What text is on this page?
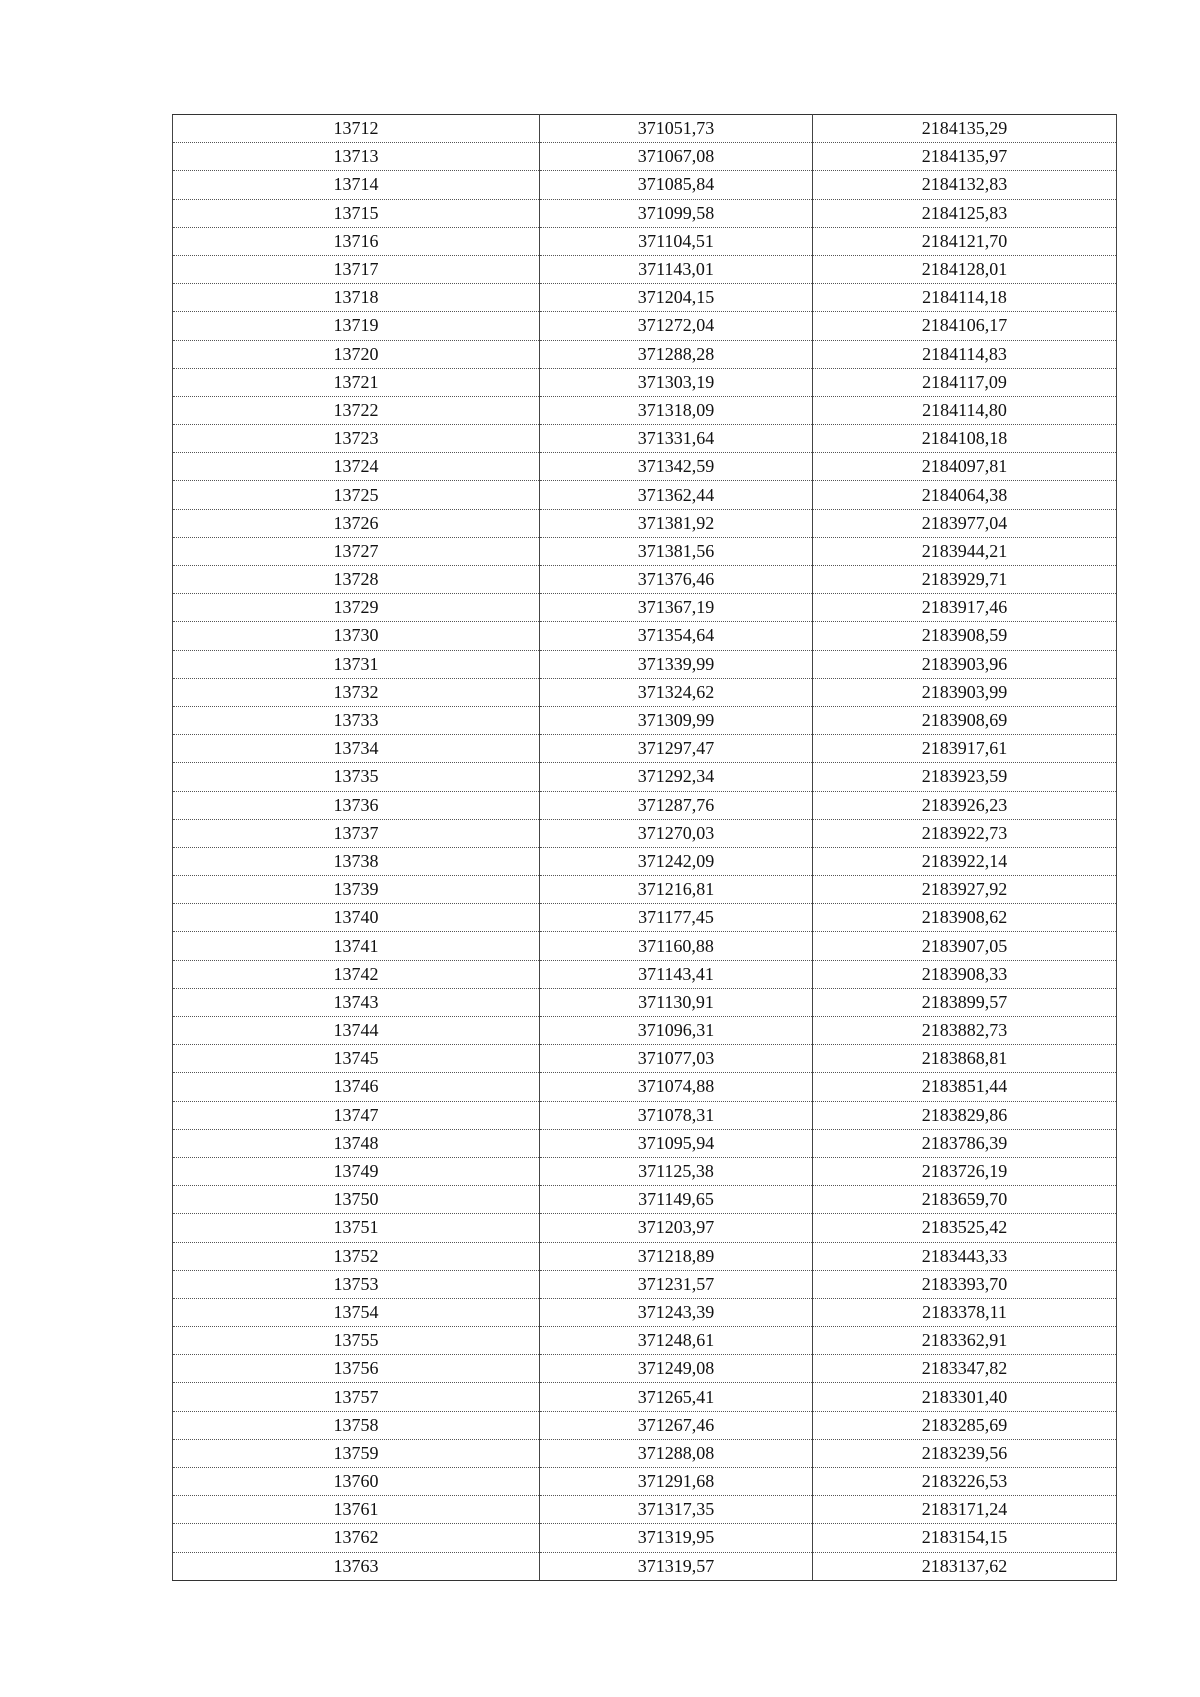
13712	371051,73	2184135,29
13713	371067,08	2184135,97
13714	371085,84	2184132,83
13715	371099,58	2184125,83
13716	371104,51	2184121,70
13717	371143,01	2184128,01
13718	371204,15	2184114,18
13719	371272,04	2184106,17
13720	371288,28	2184114,83
13721	371303,19	2184117,09
13722	371318,09	2184114,80
13723	371331,64	2184108,18
13724	371342,59	2184097,81
13725	371362,44	2184064,38
13726	371381,92	2183977,04
13727	371381,56	2183944,21
13728	371376,46	2183929,71
13729	371367,19	2183917,46
13730	371354,64	2183908,59
13731	371339,99	2183903,96
13732	371324,62	2183903,99
13733	371309,99	2183908,69
13734	371297,47	2183917,61
13735	371292,34	2183923,59
13736	371287,76	2183926,23
13737	371270,03	2183922,73
13738	371242,09	2183922,14
13739	371216,81	2183927,92
13740	371177,45	2183908,62
13741	371160,88	2183907,05
13742	371143,41	2183908,33
13743	371130,91	2183899,57
13744	371096,31	2183882,73
13745	371077,03	2183868,81
13746	371074,88	2183851,44
13747	371078,31	2183829,86
13748	371095,94	2183786,39
13749	371125,38	2183726,19
13750	371149,65	2183659,70
13751	371203,97	2183525,42
13752	371218,89	2183443,33
13753	371231,57	2183393,70
13754	371243,39	2183378,11
13755	371248,61	2183362,91
13756	371249,08	2183347,82
13757	371265,41	2183301,40
13758	371267,46	2183285,69
13759	371288,08	2183239,56
13760	371291,68	2183226,53
13761	371317,35	2183171,24
13762	371319,95	2183154,15
13763	371319,57	2183137,62
